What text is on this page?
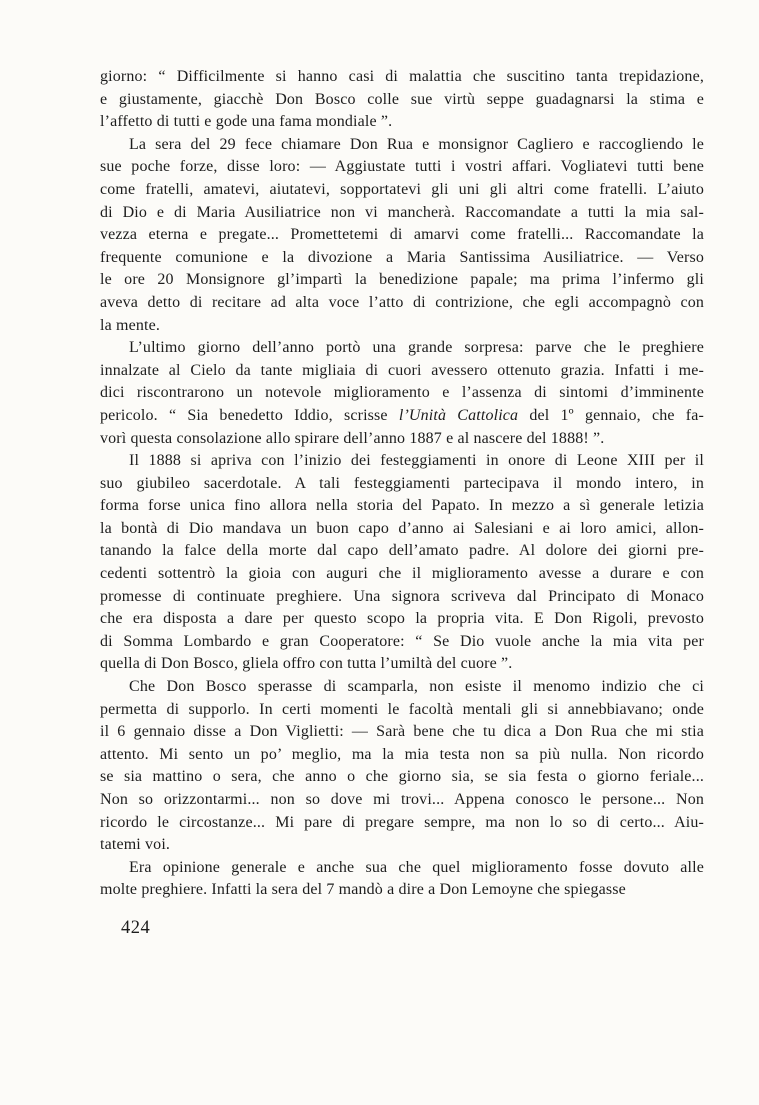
giorno: “ Difficilmente si hanno casi di malattia che suscitino tanta trepidazione,
e giustamente, giacchè Don Bosco colle sue virtù seppe guadagnarsi la stima e
l’affetto di tutti e gode una fama mondiale ”.
La sera del 29 fece chiamare Don Rua e monsignor Cagliero e raccogliendo le
sue poche forze, disse loro: — Aggiustate tutti i vostri affari. Vogliatevi tutti bene
come fratelli, amatevi, aiutatevi, sopportatevi gli uni gli altri come fratelli. L’aiuto
di Dio e di Maria Ausiliatrice non vi mancherà. Raccomandate a tutti la mia sal-
vezza eterna e pregate... Promettetemi di amarvi come fratelli... Raccomandate la
frequente comunione e la divozione a Maria Santissima Ausiliatrice. — Verso
le ore 20 Monsignore gl’impartì la benedizione papale; ma prima l’infermo gli
aveva detto di recitare ad alta voce l’atto di contrizione, che egli accompagnò con
la mente.
L’ultimo giorno dell’anno portò una grande sorpresa: parve che le preghiere
innalzate al Cielo da tante migliaia di cuori avessero ottenuto grazia. Infatti i me-
dici riscontrarono un notevole miglioramento e l’assenza di sintomi d’imminente
pericolo. “ Sia benedetto Iddio, scrisse l’Unità Cattolica del 1º gennaio, che fa-
vorì questa consolazione allo spirare dell’anno 1887 e al nascere del 1888! ”.
Il 1888 si apriva con l’inizio dei festeggiamenti in onore di Leone XIII per il
suo giubileo sacerdotale. A tali festeggiamenti partecipava il mondo intero, in
forma forse unica fino allora nella storia del Papato. In mezzo a sì generale letizia
la bontà di Dio mandava un buon capo d’anno ai Salesiani e ai loro amici, allon-
tanando la falce della morte dal capo dell’amato padre. Al dolore dei giorni pre-
cedenti sottentrò la gioia con auguri che il miglioramento avesse a durare e con
promesse di continuate preghiere. Una signora scriveva dal Principato di Monaco
che era disposta a dare per questo scopo la propria vita. E Don Rigoli, prevosto
di Somma Lombardo e gran Cooperatore: “ Se Dio vuole anche la mia vita per
quella di Don Bosco, gliela offro con tutta l’umiltà del cuore ”.
Che Don Bosco sperasse di scamparla, non esiste il menomo indizio che ci
permetta di supporlo. In certi momenti le facoltà mentali gli si annebbiavano; onde
il 6 gennaio disse a Don Viglietti: — Sarà bene che tu dica a Don Rua che mi stia
attento. Mi sento un po’ meglio, ma la mia testa non sa più nulla. Non ricordo
se sia mattino o sera, che anno o che giorno sia, se sia festa o giorno feriale...
Non so orizzontarmi... non so dove mi trovi... Appena conosco le persone... Non
ricordo le circostanze... Mi pare di pregare sempre, ma non lo so di certo... Aiu-
tatemi voi.
Era opinione generale e anche sua che quel miglioramento fosse dovuto alle
molte preghiere. Infatti la sera del 7 mandò a dire a Don Lemoyne che spiegasse
424
